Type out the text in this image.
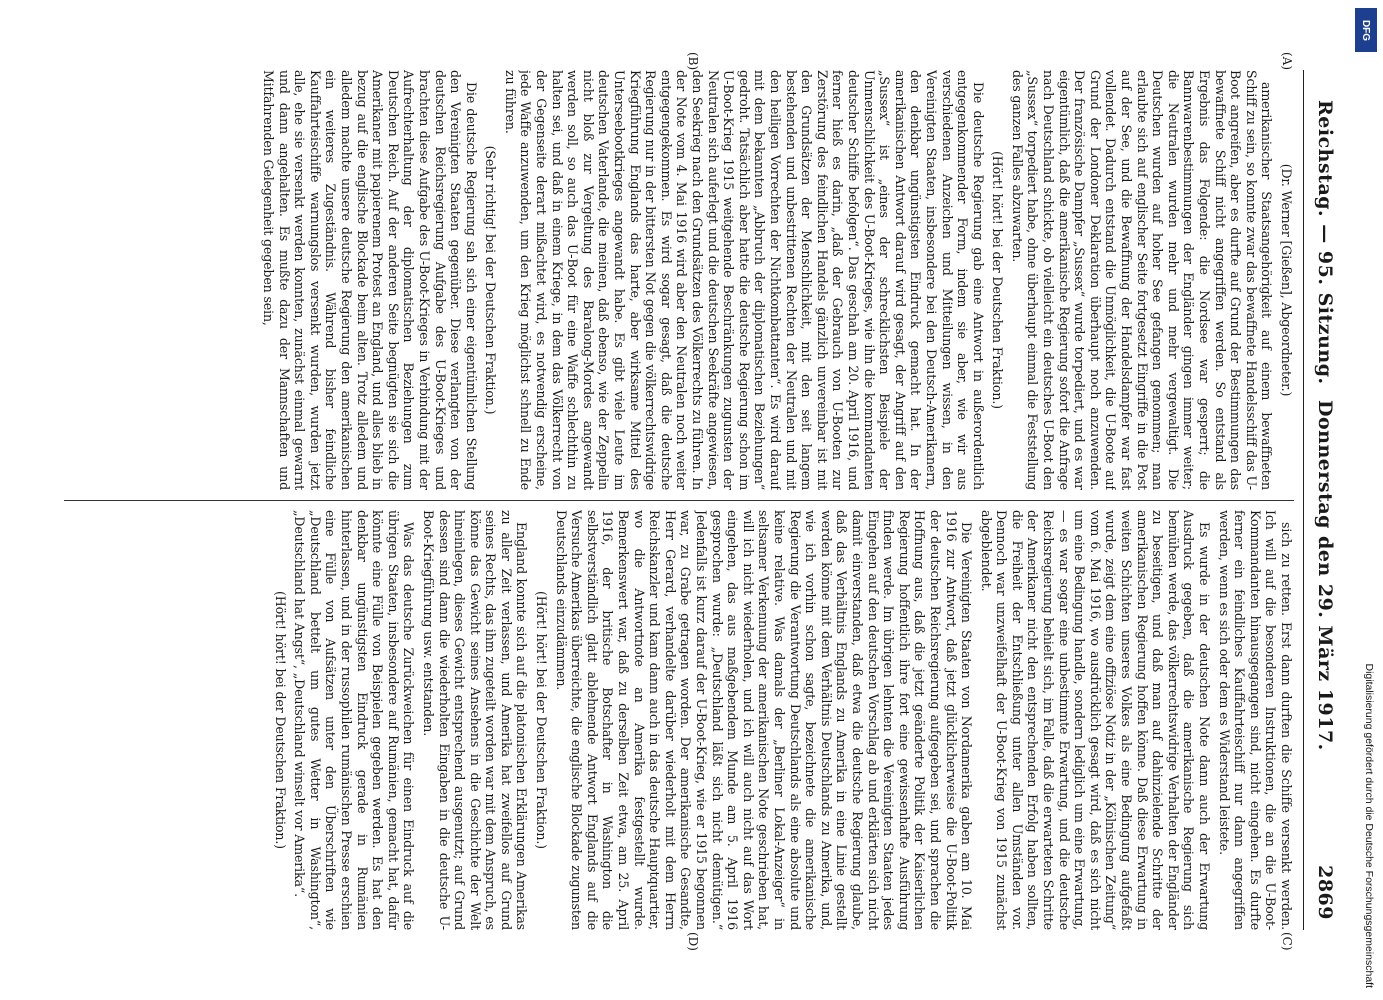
Reichstag. — 95. Sitzung.
Donnerstag den 29. März 1917.
2869

(Dr. Werner [Gießen], Abgeordneter.)

amerikanischer Staatsangehörigkeit auf einem bewaffneten Schiff zu sein, so konnte zwar das bewaffnete Handelsschiff das U-Boot angreifen, aber es durfte auf Grund der Bestimmungen das bewaffnete Schiff nicht angegriffen werden. So entstand als Ergebnis das Folgende: die Nordsee war gesperrt; die Bannwarenbestimmungen der Engländer gingen immer weiter; die Neutralen wurden mehr und mehr vergewaltigt. Die Deutschen wurden auf hoher See gefangen genommen; man erlaubte sich auf englischer Seite fortgesetzt Eingriffe in die Post auf der See, und die Bewaffnung der Handelsdampfer war fast vollendet. Dadurch entstand die Unmöglichkeit, die U-Boote auf Grund der Londoner Deklaration überhaupt noch anzuwenden. Der französische Dampfer „Sussex“ wurde torpediert, und es war eigentümlich, daß die amerikanische Regierung sofort die Anfrage nach Deutschland schickte, ob vielleicht ein deutsches U-Boot den „Sussex“ torpediert habe, ohne überhaupt einmal die Feststellung des ganzen Falles abzuwarten.

(Hört! hört! bei der Deutschen Fraktion.)

Die deutsche Regierung gab eine Antwort in außerordentlich entgegenkommender Form, indem sie aber, wie wir aus verschiedenen Anzeichen und Mitteilungen wissen, in den Vereinigten Staaten, insbesondere bei den Deutsch-Amerikanern, den denkbar ungünstigsten Eindruck gemacht hat. In der amerikanischen Antwort darauf wird gesagt, der Angriff auf den „Sussex“ ist „eines der schrecklichsten Beispiele der Unmenschlichkeit des U-Boot-Krieges, wie ihn die kommandanten deutscher Schiffe befolgen“. Das geschah am 20. April 1916, und ferner hieß es darin, „daß der Gebrauch von U-Booten zur Zerstörung des feindlichen Handels gänzlich unvereinbar ist mit den Grundsätzen der Menschlichkeit, mit den seit langem bestehenden und unbestrittenen Rechten der Neutralen und mit den heiligen Vorrechten der Nichtkombattanten“. Es wird darauf mit dem bekannten „Abbruch der diplomatischen Beziehungen“ gedroht. Tatsächlich aber hatte die deutsche Regierung schon im U-Boot-Krieg 1915 weitgehende Beschränkungen zugunsten der Neutralen sich auferlegt und die deutschen Seekräfte angewiesen, den Seekrieg nach den Grundsätzen des Völkerrechts zu führen. In der Note vom 4. Mai 1916 wird aber den Neutralen noch weiter entgegengekommen. Es wird sogar gesagt, daß die deutsche Regierung nur in der bittersten Not gegen die völkerrechtswidrige Kriegführung Englands das harte, aber wirksame Mittel des Unterseebootkrieges angewandt habe. Es gibt viele Leute im deutschen Vaterlande, die meinen, daß ebenso, wie der Zeppelin nicht bloß zur Vergeltung des Baralong-Mordes angewandt werden soll, so auch das U-Boot für eine Waffe schlechthin zu halten sei, und daß in einem Kriege, in dem das Völkerrecht von der Gegenseite derart mißachtet wird, es notwendig erscheine, jede Waffe anzuwenden, um den Krieg möglichst schnell zu Ende zu führen.

(Sehr richtig! bei der Deutschen Fraktion.)

Die deutsche Regierung sah sich einer eigentümlichen Stellung den Vereinigten Staaten gegenüber. Diese verlangten von der deutschen Reichsregierung Aufgabe des U-Boot-Krieges und brachten diese Aufgabe des U-Boot-Krieges in Verbindung mit der Aufrechterhaltung der diplomatischen Beziehungen zum Deutschen Reich. Auf der anderen Seite begnügten sie sich die Amerikaner mit papierenem Protest an England, und alles blieb in bezug auf die englische Blockade beim alten. Trotz alledem und alledem machte unsere deutsche Regierung den amerikanischen ein weiteres Zugeständnis. Während bisher feindliche Kauffahrteischiffe warnungslos versenkt wurden, wurden jetzt alle, ehe sie versenkt werden konnten, zunächst einmal gewarnt und dann angehalten. Es mußte dazu der Mannschaften und Mitfahrenden Gelegenheit gegeben sein,

sich zu retten. Erst dann durften die Schiffe versenkt werden. Ich will auf die besonderen Instruktionen, die an die U-Boot-Kommandanten hinausgegangen sind, nicht eingehen. Es durfte ferner ein feindliches Kauffahrteischiff nur dann angegriffen werden, wenn es sich oder dem es Widerstand leistete.

Es wurde in der deutschen Note dann auch der Erwartung Ausdruck gegeben, daß die amerikanische Regierung sich bemühen werde, das völkerrechtswidrige Verhalten der Engländer zu beseitigen, und daß man auf dahinzielende Schritte der amerikanischen Regierung hoffen könne. Daß diese Erwartung in weiten Schichten unseres Volkes als eine Bedingung aufgefaßt wurde, zeigt dem eine offiziöse Notiz in der „Kölnischen Zeitung“ vom 6. Mai 1916, wo ausdrücklich gesagt wird, daß es sich nicht um eine Bedingung handle, sondern lediglich um eine Erwartung, — es war sogar eine unbestimmte Erwartung, und die deutsche Reichsregierung behielt sich, im Falle, daß die erwarteten Schritte der Amerikaner nicht den entsprechenden Erfolg haben sollten, die Freiheit der Entschließung unter allen Umständen vor. Dennoch war unzweifelhaft der U-Boot-Krieg von 1915 zunächst abgeblendet.

Die Vereinigten Staaten von Nordamerika gaben am 10. Mai 1916 zur Antwort, daß jetzt glücklicherweise die U-Boot-Politik der deutschen Reichsregierung aufgegeben sei, und sprachen die Hoffnung aus, daß die jetzt geänderte Politik der Kaiserlichen Regierung hoffentlich ihre fort eine gewissenhafte Ausführung finden werde. Im übrigen lehnten die Vereinigten Staaten jedes Eingehen auf den deutschen Vorschlag ab und erklärten sich nicht damit einverstanden, daß etwa die deutsche Regierung glaube, daß das Verhältnis Englands zu Amerika in eine Linie gestellt werden könne mit dem Verhältnis Deutschlands zu Amerika, und, wie ich vorhin schon sagte, bezeichnete die amerikanische Regierung die Verantwortung Deutschlands als eine absolute und keine relative. Was damals der „Berliner Lokal-Anzeiger“ in seltsamer Verkennung der amerikanischen Note geschrieben hat, will ich nicht wiederholen, und ich will auch nicht auf das Wort eingehen, das aus maßgebendem Munde am 5. April 1916 gesprochen wurde: „Deutschland läßt sich nicht demütigen.“ Jedenfalls ist kurz darauf der U-Boot-Krieg, wie er 1915 begonnen war, zu Grabe getragen worden. Der amerikanische Gesandte, Herr Gerard, verhandelte darüber wiederholt mit dem Herrn Reichskanzler und kam dann auch in das deutsche Hauptquartier, wo die Antwortnote an Amerika festgestellt wurde. Bemerkenswert war, daß zu derselben Zeit etwa, am 25. April 1916, der britische Botschafter in Washington die selbstverständlich glatt ablehnende Antwort Englands auf die Versuche Amerikas überreichte, die englische Blockade zugunsten Deutschlands einzudämmen.

(Hört! hört! bei der Deutschen Fraktion.)

England konnte sich auf die platonischen Erklärungen Amerikas zu aller Zeit verlassen, und Amerika hat zweifellos auf Grund seines Rechts, das ihm zugeteilt worden war mit dem Anspruch, es könne das Gewicht seines Ansehens in die Geschichte der Welt hineinlegen, dieses Gewicht entsprechend ausgenutzt; auf Grund dessen sind dann die wiederholten Eingaben in die deutsche U-Boot-Kriegführung usw. entstanden.

Was das deutsche Zurückweichen für einen Eindruck auf die übrigen Staaten, insbesondere auf Rumänien, gemacht hat, dafür könnte eine Fülle von Beispielen gegeben werden. Es hat den denkbar ungünstigsten Eindruck gerade in Rumänien hinterlassen, und in der russophilen rumänischen Presse erschien eine Fülle von Aufsätzen unter den Überschriften wie „Deutschland bettelt um gutes Wetter in Washington“, „Deutschland hat Angst“, „Deutschland winselt vor Amerika“.

(Hört! hört! bei der Deutschen Fraktion.)

(A)
(B)
(C)
(D)	Digitalisierung gefördert durch die Deutsche Forschungsgemeinschaft
DFG
